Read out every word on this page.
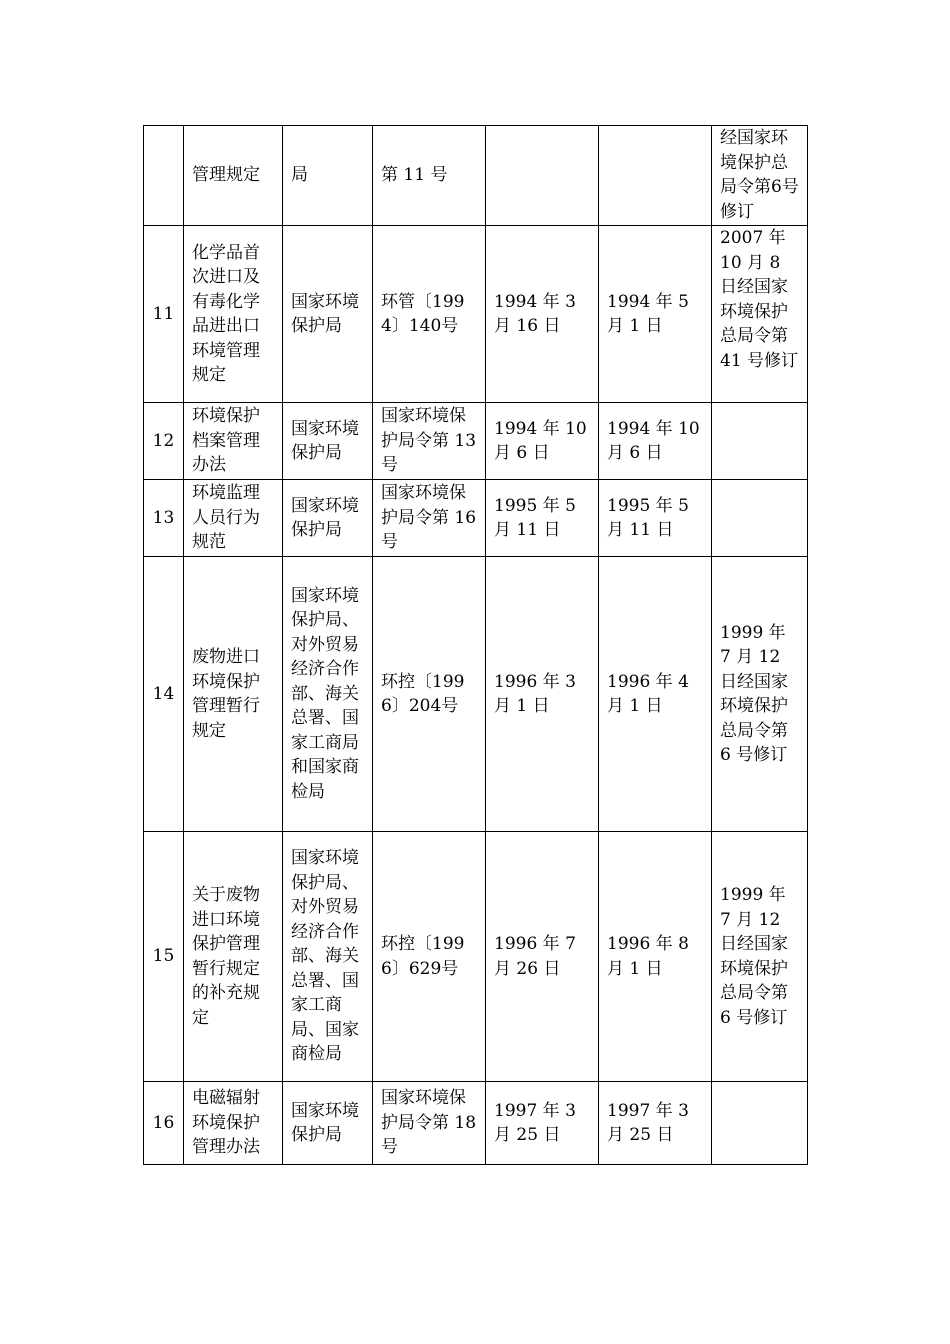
	管理规定	局	第 11 号			经国家环境保护总局令第6号修订
11	化学品首次进口及有毒化学品进出口环境管理规定	国家环境保护局	环管〔1994〕140号	1994 年 3 月 16 日	1994 年 5 月 1 日	2007 年 10 月 8 日经国家环境保护总局令第 41 号修订
12	环境保护档案管理办法	国家环境保护局	国家环境保护局令第 13 号	1994 年 10 月 6 日	1994 年 10 月 6 日	
13	环境监理人员行为规范	国家环境保护局	国家环境保护局令第 16 号	1995 年 5 月 11 日	1995 年 5 月 11 日	
14	废物进口环境保护管理暂行规定	国家环境保护局、对外贸易经济合作部、海关总署、国家工商局和国家商检局	环控〔1996〕204号	1996 年 3 月 1 日	1996 年 4 月 1 日	1999 年 7 月 12 日经国家环境保护总局令第 6 号修订
15	关于废物进口环境保护管理暂行规定的补充规定	国家环境保护局、对外贸易经济合作部、海关总署、国家工商局、国家商检局	环控〔1996〕629号	1996 年 7 月 26 日	1996 年 8 月 1 日	1999 年 7 月 12 日经国家环境保护总局令第 6 号修订
16	电磁辐射环境保护管理办法	国家环境保护局	国家环境保护局令第 18 号	1997 年 3 月 25 日	1997 年 3 月 25 日	
